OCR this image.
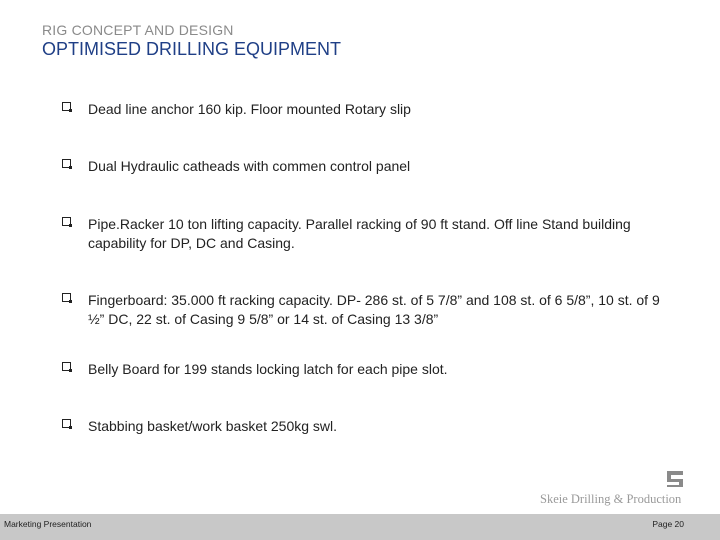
RIG CONCEPT AND DESIGN
OPTIMISED DRILLING EQUIPMENT
Dead line anchor 160 kip. Floor mounted Rotary slip
Dual Hydraulic catheads with commen control panel
Pipe.Racker 10 ton lifting capacity. Parallel racking of 90 ft stand. Off line Stand building capability for DP, DC and Casing.
Fingerboard: 35.000 ft racking capacity. DP- 286 st. of 5 7/8” and 108 st. of 6 5/8”, 10 st. of 9 ½” DC, 22 st. of Casing 9 5/8” or 14 st. of Casing 13 3/8”
Belly Board for 199 stands locking latch for each pipe slot.
Stabbing basket/work basket 250kg swl.
Skeie Drilling & Production
Marketing Presentation	Page 20
